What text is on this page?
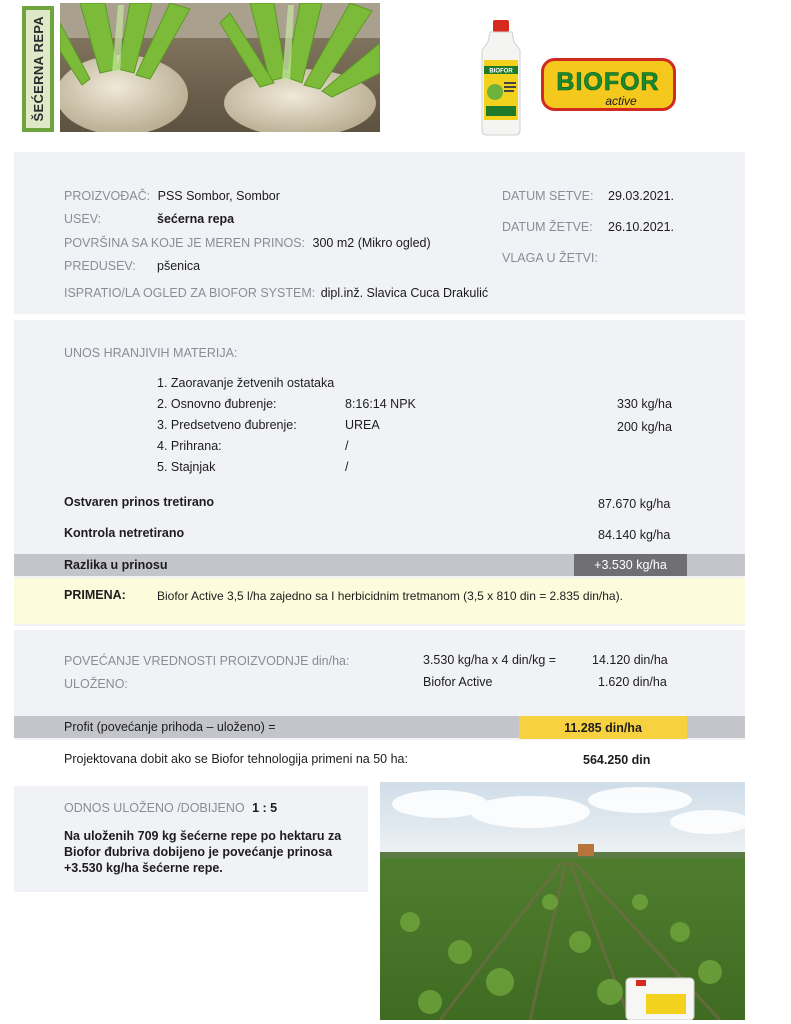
ŠEĆERNA REPA	BIOFOR BIOFOR
active
PROIZVOĐAČ: PSS Sombor, Sombor
USEV:	šećerna repa
POVRŠINA SA KOJE JE MEREN PRINOS: 300 m2 (Mikro ogled)
PREDUSEV: pšenica
ISPRATIO/LA OGLED ZA BIOFOR SYSTEM: dipl.inž. Slavica Cuca Drakulić
DATUM SETVE: 29.03.2021.
DATUM ŽETVE: 26.10.2021.
VLAGA U ŽETVI:
UNOS HRANJIVIH MATERIJA:
1. Zaoravanje žetvenih ostataka
2. Osnovno đubrenje:	8:16:14 NPK	330 kg/ha
3. Predsetveno đubrenje:	UREA	200 kg/ha
4. Prihrana:	/
5. Stajnjak	/
Ostvaren prinos tretirano	87.670 kg/ha
Kontrola netretirano	84.140 kg/ha
Razlika u prinosu	+3.530 kg/ha
PRIMENA:	Biofor Active 3,5 l/ha zajedno sa I herbicidnim tretmanom (3,5 x 810 din = 2.835 din/ha).
POVEĆANJE VREDNOSTI PROIZVODNJE din/ha:	3.530 kg/ha x 4 din/kg =	14.120 din/ha
ULOŽENO:	Biofor Active	1.620 din/ha
Profit (povećanje prihoda – uloženo) =	11.285 din/ha
Projektovana dobit ako se Biofor tehnologija primeni na 50 ha:	564.250 din
ODNOS ULOŽENO /DOBIJENO 1 : 5
Na uloženih 709 kg šećerne repe po hektaru za
Biofor đubriva dobijeno je povećanje prinosa
+3.530 kg/ha šećerne repe.
